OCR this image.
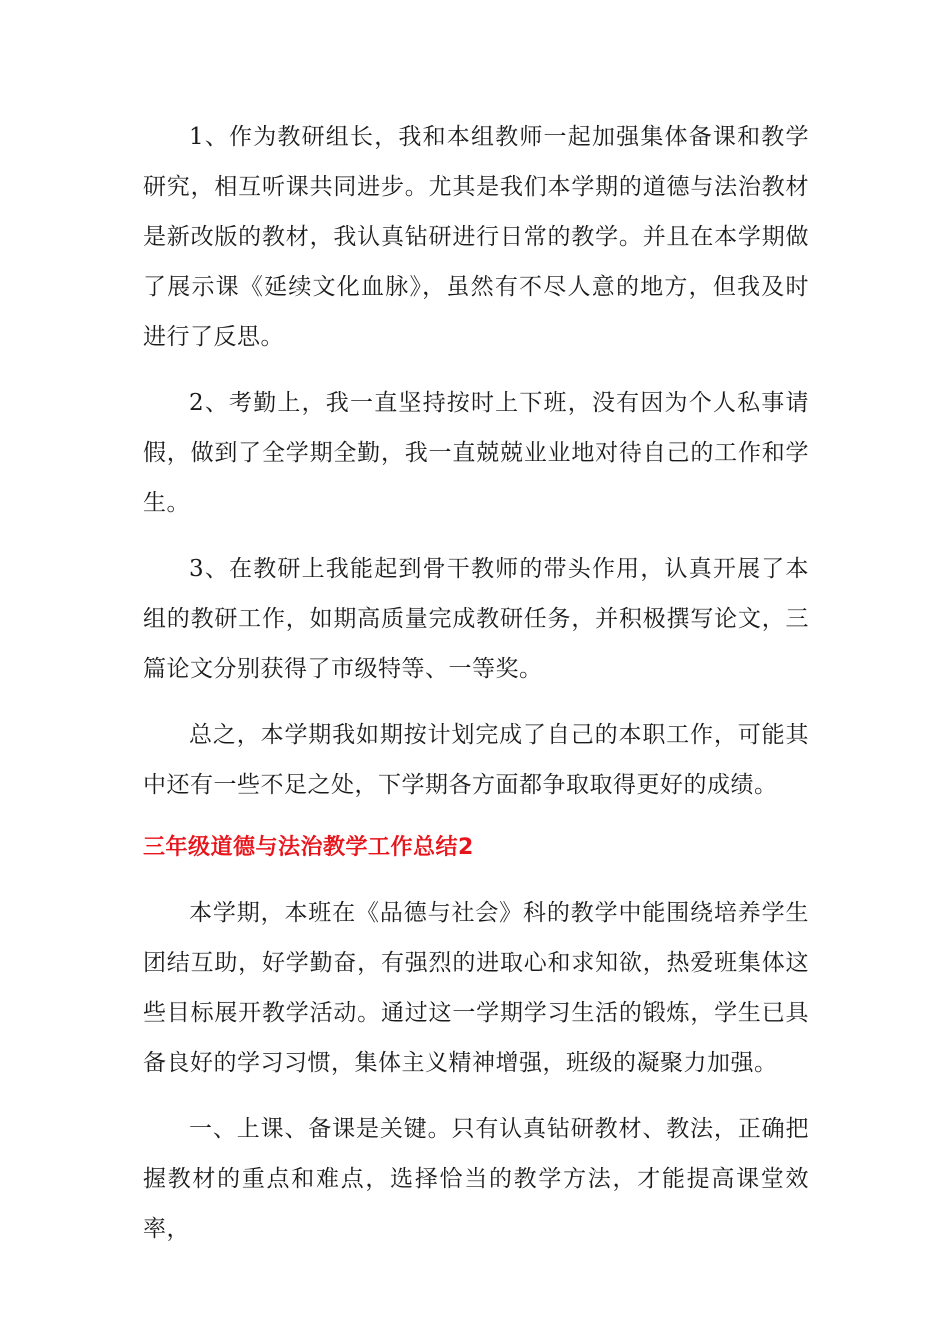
1、作为教研组长，我和本组教师一起加强集体备课和教学研究，相互听课共同进步。尤其是我们本学期的道德与法治教材是新改版的教材，我认真钻研进行日常的教学。并且在本学期做了展示课《延续文化血脉》，虽然有不尽人意的地方，但我及时进行了反思。

2、考勤上，我一直坚持按时上下班，没有因为个人私事请假，做到了全学期全勤，我一直兢兢业业地对待自己的工作和学生。

3、在教研上我能起到骨干教师的带头作用，认真开展了本组的教研工作，如期高质量完成教研任务，并积极撰写论文，三篇论文分别获得了市级特等、一等奖。

总之，本学期我如期按计划完成了自己的本职工作，可能其中还有一些不足之处，下学期各方面都争取取得更好的成绩。

三年级道德与法治教学工作总结2

本学期，本班在《品德与社会》科的教学中能围绕培养学生团结互助，好学勤奋，有强烈的进取心和求知欲，热爱班集体这些目标展开教学活动。通过这一学期学习生活的锻炼，学生已具备良好的学习习惯，集体主义精神增强，班级的凝聚力加强。

一、上课、备课是关键。只有认真钻研教材、教法，正确把握教材的重点和难点，选择恰当的教学方法，才能提高课堂效率，
